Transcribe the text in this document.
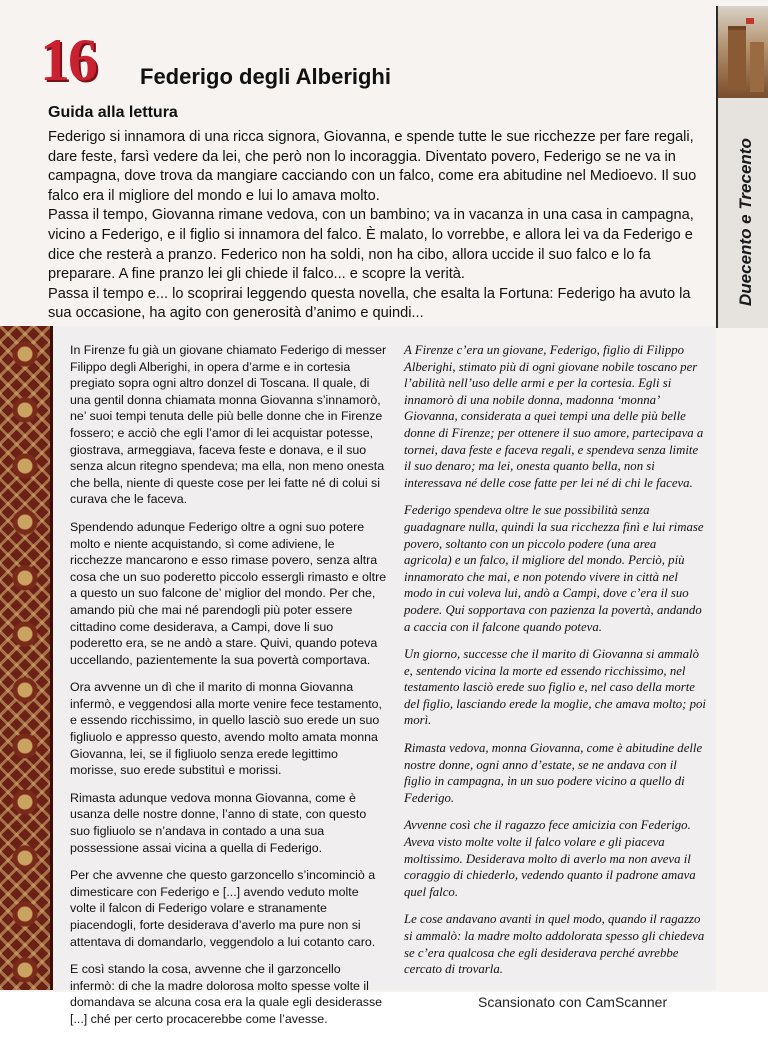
Duecento e Trecento
16 Federigo degli Alberighi
Guida alla lettura

Federigo si innamora di una ricca signora, Giovanna, e spende tutte le sue ricchezze per fare regali, dare feste, farsì vedere da lei, che però non lo incoraggia. Diventato povero, Federigo se ne va in campagna, dove trova da mangiare cacciando con un falco, come era abitudine nel Medioevo. Il suo falco era il migliore del mondo e lui lo amava molto.

Passa il tempo, Giovanna rimane vedova, con un bambino; va in vacanza in una casa in campagna, vicino a Federigo, e il figlio si innamora del falco. È malato, lo vorrebbe, e allora lei va da Federigo e dice che resterà a pranzo. Federico non ha soldi, non ha cibo, allora uccide il suo falco e lo fa preparare. A fine pranzo lei gli chiede il falco... e scopre la verità.

Passa il tempo e... lo scoprirai leggendo questa novella, che esalta la Fortuna: Federigo ha avuto la sua occasione, ha agito con generosità d’animo e quindi...

In Firenze fu già un giovane chiamato Federigo di messer Filippo degli Alberighi, in opera d’arme e in cortesia pregiato sopra ogni altro donzel di Toscana. Il quale, di una gentil donna chiamata monna Giovanna s’innamorò, ne’ suoi tempi tenuta delle più belle donne che in Firenze fossero; e acciò che egli l’amor di lei acquistar potesse, giostrava, armeggiava, faceva feste e donava, e il suo senza alcun ritegno spendeva; ma ella, non meno onesta che bella, niente di queste cose per lei fatte né di colui si curava che le faceva.

Spendendo adunque Federigo oltre a ogni suo potere molto e niente acquistando, sì come adiviene, le ricchezze mancarono e esso rimase povero, senza altra cosa che un suo poderetto piccolo essergli rimasto e oltre a questo un suo falcone de’ miglior del mondo. Per che, amando più che mai né parendogli più poter essere cittadino come desiderava, a Campi, dove li suo poderetto era, se ne andò a stare. Quivi, quando poteva uccellando, pazientemente la sua povertà comportava.

Ora avvenne un dì che il marito di monna Giovanna infermò, e veggendosi alla morte venire fece testamento, e essendo ricchissimo, in quello lasciò suo erede un suo figliuolo e appresso questo, avendo molto amata monna Giovanna, lei, se il figliuolo senza erede legittimo morisse, suo erede substituì e morissi.

Rimasta adunque vedova monna Giovanna, come è usanza delle nostre donne, l’anno di state, con questo suo figliuolo se n’andava in contado a una sua possessione assai vicina a quella di Federigo.

Per che avvenne che questo garzoncello s’incominciò a dimesticare con Federigo e [...] avendo veduto molte volte il falcon di Federigo volare e stranamente piacendogli, forte desiderava d’averlo ma pure non si attentava di domandarlo, veggendolo a lui cotanto caro.

E così stando la cosa, avvenne che il garzoncello infermò: di che la madre dolorosa molto spesse volte il domandava se alcuna cosa era la quale egli desiderasse [...] ché per certo procacerebbe come l’avesse.

A Firenze c’era un giovane, Federigo, figlio di Filippo Alberighi, stimato più di ogni giovane nobile toscano per l’abilità nell’uso delle armi e per la cortesia. Egli si innamorò di una nobile donna, madonna ‘monna’ Giovanna, considerata a quei tempi una delle più belle donne di Firenze; per ottenere il suo amore, partecipava a tornei, dava feste e faceva regali, e spendeva senza limite il suo denaro; ma lei, onesta quanto bella, non si interessava né delle cose fatte per lei né di chi le faceva.

Federigo spendeva oltre le sue possibilità senza guadagnare nulla, quindi la sua ricchezza finì e lui rimase povero, soltanto con un piccolo podere (una area agricola) e un falco, il migliore del mondo. Perciò, più innamorato che mai, e non potendo vivere in città nel modo in cui voleva lui, andò a Campi, dove c’era il suo podere. Qui sopportava con pazienza la povertà, andando a caccia con il falcone quando poteva.

Un giorno, successe che il marito di Giovanna si ammalò e, sentendo vicina la morte ed essendo ricchissimo, nel testamento lasciò erede suo figlio e, nel caso della morte del figlio, lasciando erede la moglie, che amava molto; poi morì.

Rimasta vedova, monna Giovanna, come è abitudine delle nostre donne, ogni anno d’estate, se ne andava con il figlio in campagna, in un suo podere vicino a quello di Federigo.

Avvenne così che il ragazzo fece amicizia con Federigo. Aveva visto molte volte il falco volare e gli piaceva moltissimo. Desiderava molto di averlo ma non aveva il coraggio di chiederlo, vedendo quanto il padrone amava quel falco.

Le cose andavano avanti in quel modo, quando il ragazzo si ammalò: la madre molto addolorata spesso gli chiedeva se c’era qualcosa che egli desiderava perché avrebbe cercato di trovarla.

Scansionato con CamScanner
